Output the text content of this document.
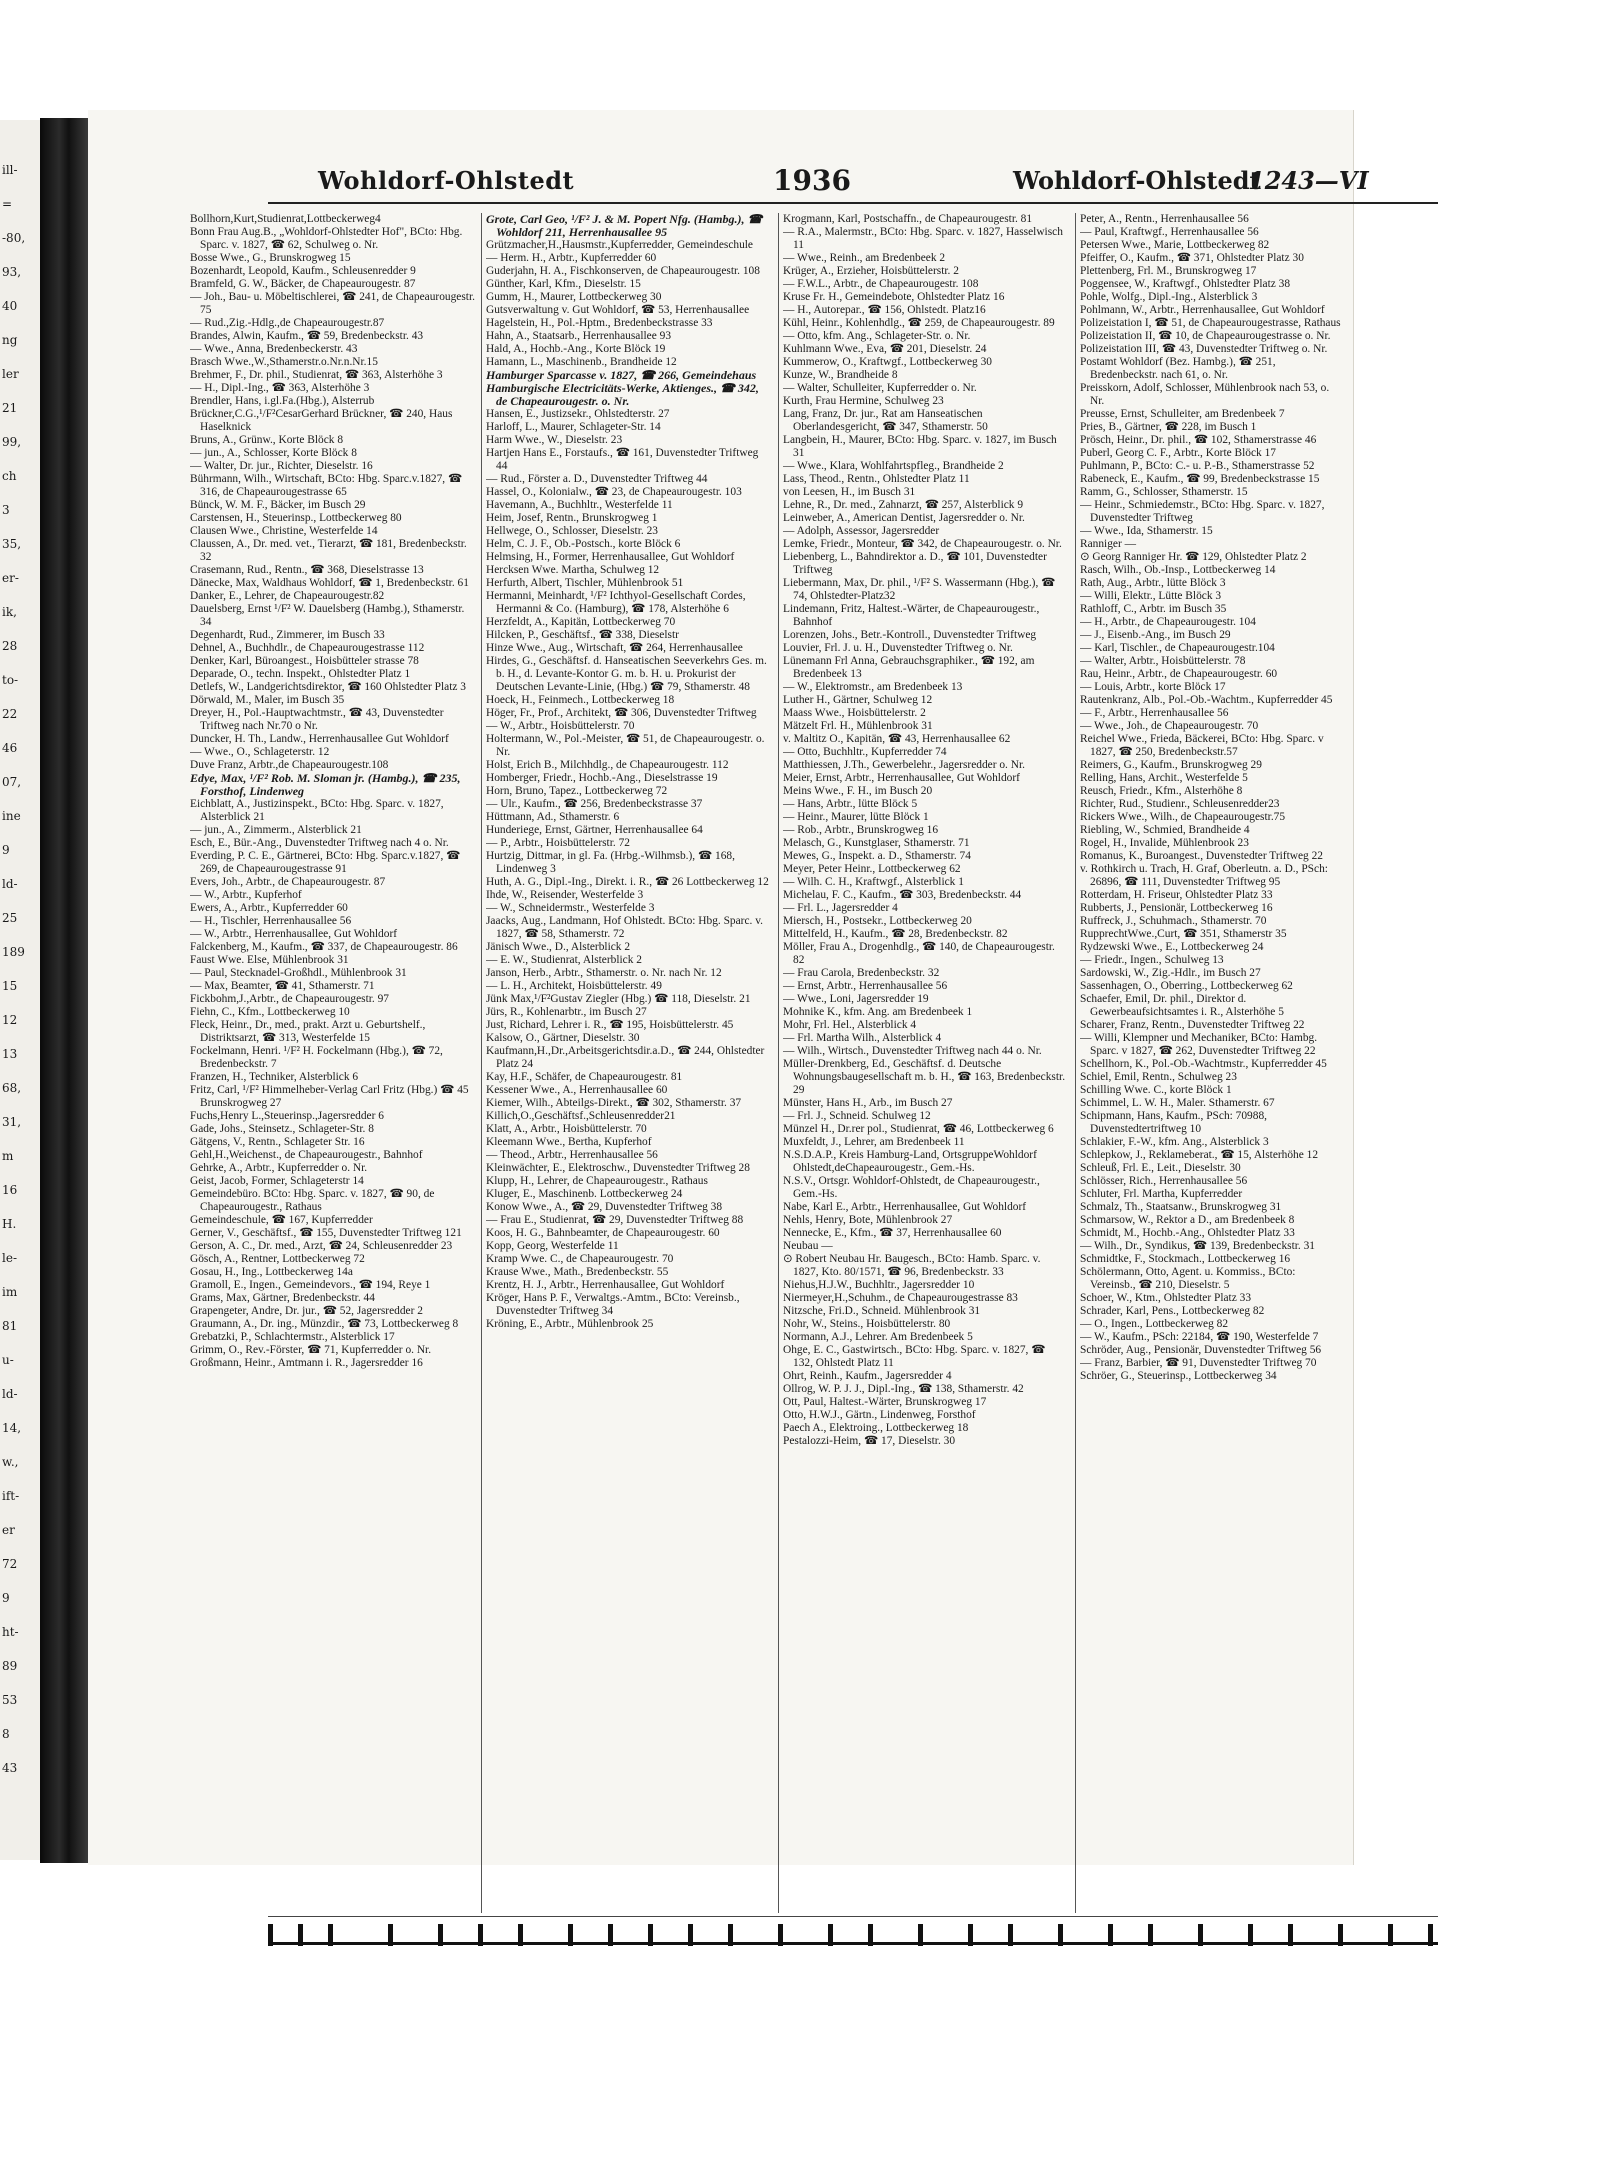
ill-
=
-80,
93,
40
ng
ler
21
99,
ch
3
35,
er-
ik,
28
to-
22
46
07,
ine
9
ld-
25
189
15
12
13
68,
31,
m
16
H.
le-
im
81
u-
ld-
14,
w.,
ift-
er
72
9
ht-
89
53
8
43
Wohldorf-Ohlstedt	1936	Wohldorf-Ohlstedt
1243—VI

Bollhorn,Kurt,Studienrat,Lottbeckerweg4

Bonn Frau Aug.B., „Wohldorf-Ohlstedter Hof", BCto: Hbg. Sparc. v. 1827, ☎ 62, Schulweg o. Nr.

Bosse Wwe., G., Brunskrogweg 15

Bozenhardt, Leopold, Kaufm., Schleusenredder 9

Bramfeld, G. W., Bäcker, de Chapeaurougestr. 87

— Joh., Bau- u. Möbeltischlerei, ☎ 241, de Chapeaurougestr. 75

— Rud.,Zig.-Hdlg.,de Chapeaurougestr.87

Brandes, Alwin, Kaufm., ☎ 59, Bredenbeckstr. 43

— Wwe., Anna, Bredenbeckerstr. 43

Brasch Wwe.,W.,Sthamerstr.o.Nr.n.Nr.15

Brehmer, F., Dr. phil., Studienrat, ☎ 363, Alsterhöhe 3

— H., Dipl.-Ing., ☎ 363, Alsterhöhe 3

Brendler, Hans, i.gl.Fa.(Hbg.), Alsterrub

Brückner,C.G.,¹/F²CesarGerhard Brückner, ☎ 240, Haus Haselknick

Bruns, A., Grünw., Korte Blöck 8

— jun., A., Schlosser, Korte Blöck 8

— Walter, Dr. jur., Richter, Dieselstr. 16

Bührmann, Wilh., Wirtschaft, BCto: Hbg. Sparc.v.1827, ☎ 316, de Chapeaurougestrasse 65

Bünck, W. M. F., Bäcker, im Busch 29

Carstensen, H., Steuerinsp., Lottbeckerweg 80

Clausen Wwe., Christine, Westerfelde 14

Claussen, A., Dr. med. vet., Tierarzt, ☎ 181, Bredenbeckstr. 32

Crasemann, Rud., Rentn., ☎ 368, Dieselstrasse 13

Dänecke, Max, Waldhaus Wohldorf, ☎ 1, Bredenbeckstr. 61

Danker, E., Lehrer, de Chapeaurougestr.82

Dauelsberg, Ernst ¹/F² W. Dauelsberg (Hambg.), Sthamerstr. 34

Degenhardt, Rud., Zimmerer, im Busch 33

Dehnel, A., Buchhdlr., de Chapeaurougestrasse 112

Denker, Karl, Büroangest., Hoisbütteler strasse 78

Deparade, O., techn. Inspekt., Ohlstedter Platz 1

Detlefs, W., Landgerichtsdirektor, ☎ 160 Ohlstedter Platz 3

Dörwald, M., Maler, im Busch 35

Dreyer, H., Pol.-Hauptwachtmstr., ☎ 43, Duvenstedter Triftweg nach Nr.70 o Nr.

Duncker, H. Th., Landw., Herrenhausallee Gut Wohldorf

— Wwe., O., Schlageterstr. 12

Duve Franz, Arbtr.,de Chapeaurougestr.108

Edye, Max, ¹/F² Rob. M. Sloman jr. (Hambg.), ☎ 235, Forsthof, Lindenweg

Eichblatt, A., Justizinspekt., BCto: Hbg. Sparc. v. 1827, Alsterblick 21

— jun., A., Zimmerm., Alsterblick 21

Esch, E., Bür.-Ang., Duvenstedter Triftweg nach 4 o. Nr.

Everding, P. C. E., Gärtnerei, BCto: Hbg. Sparc.v.1827, ☎ 269, de Chapeaurougestrasse 91

Evers, Joh., Arbtr., de Chapeaurougestr. 87

— W., Arbtr., Kupferhof

Ewers, A., Arbtr., Kupferredder 60

— H., Tischler, Herrenhausallee 56

— W., Arbtr., Herrenhausallee, Gut Wohldorf

Falckenberg, M., Kaufm., ☎ 337, de Chapeaurougestr. 86

Faust Wwe. Else, Mühlenbrook 31

— Paul, Stecknadel-Großhdl., Mühlenbrook 31

— Max, Beamter, ☎ 41, Sthamerstr. 71

Fickbohm,J.,Arbtr., de Chapeaurougestr. 97

Fiehn, C., Kfm., Lottbeckerweg 10

Fleck, Heinr., Dr., med., prakt. Arzt u. Geburtshelf., Distriktsarzt, ☎ 313, Westerfelde 15

Fockelmann, Henri. ¹/F² H. Fockelmann (Hbg.), ☎ 72, Bredenbeckstr. 7

Franzen, H., Techniker, Alsterblick 6

Fritz, Carl, ¹/F² Himmelheber-Verlag Carl Fritz (Hbg.) ☎ 45 Brunskrogweg 27

Fuchs,Henry L.,Steuerinsp.,Jagersredder 6

Gade, Johs., Steinsetz., Schlageter-Str. 8

Gätgens, V., Rentn., Schlageter Str. 16

Gehl,H.,Weichenst., de Chapeaurougestr., Bahnhof

Gehrke, A., Arbtr., Kupferredder o. Nr.

Geist, Jacob, Former, Schlageterstr 14

Gemeindebüro. BCto: Hbg. Sparc. v. 1827, ☎ 90, de Chapeaurougestr., Rathaus

Gemeindeschule, ☎ 167, Kupferredder

Gerner, V., Geschäftsf., ☎ 155, Duvenstedter Triftweg 121

Gerson, A. C., Dr. med., Arzt, ☎ 24, Schleusenredder 23

Gösch, A., Rentner, Lottbeckerweg 72

Gosau, H., Ing., Lottbeckerweg 14a

Gramoll, E., Ingen., Gemeindevors., ☎ 194, Reye 1

Grams, Max, Gärtner, Bredenbeckstr. 44

Grapengeter, Andre, Dr. jur., ☎ 52, Jagersredder 2

Graumann, A., Dr. ing., Münzdir., ☎ 73, Lottbeckerweg 8

Grebatzki, P., Schlachtermstr., Alsterblick 17

Grimm, O., Rev.-Förster, ☎ 71, Kupferredder o. Nr.

Großmann, Heinr., Amtmann i. R., Jagersredder 16

Grote, Carl Geo, ¹/F² J. & M. Popert Nfg. (Hambg.), ☎ Wohldorf 211, Herrenhausallee 95

Grützmacher,H.,Hausmstr.,Kupferredder, Gemeindeschule

— Herm. H., Arbtr., Kupferredder 60

Guderjahn, H. A., Fischkonserven, de Chapeaurougestr. 108

Günther, Karl, Kfm., Dieselstr. 15

Gumm, H., Maurer, Lottbeckerweg 30

Gutsverwaltung v. Gut Wohldorf, ☎ 53, Herrenhausallee

Hagelstein, H., Pol.-Hptm., Bredenbeckstrasse 33

Hahn, A., Staatsarb., Herrenhausallee 93

Hald, A., Hochb.-Ang., Korte Blöck 19

Hamann, L., Maschinenb., Brandheide 12

Hamburger Sparcasse v. 1827, ☎ 266, Gemeindehaus

Hamburgische Electricitäts-Werke, Aktienges., ☎ 342, de Chapeaurougestr. o. Nr.

Hansen, E., Justizsekr., Ohlstedterstr. 27

Harloff, L., Maurer, Schlageter-Str. 14

Harm Wwe., W., Dieselstr. 23

Hartjen Hans E., Forstaufs., ☎ 161, Duvenstedter Triftweg 44

— Rud., Förster a. D., Duvenstedter Triftweg 44

Hassel, O., Kolonialw., ☎ 23, de Chapeaurougestr. 103

Havemann, A., Buchhltr., Westerfelde 11

Heim, Josef, Rentn., Brunskrogweg 1

Hellwege, O., Schlosser, Dieselstr. 23

Helm, C. J. F., Ob.-Postsch., korte Blöck 6

Helmsing, H., Former, Herrenhausallee, Gut Wohldorf

Hercksen Wwe. Martha, Schulweg 12

Herfurth, Albert, Tischler, Mühlenbrook 51

Hermanni, Meinhardt, ¹/F² Ichthyol-Gesellschaft Cordes, Hermanni & Co. (Hamburg), ☎ 178, Alsterhöhe 6

Herzfeldt, A., Kapitän, Lottbeckerweg 70

Hilcken, P., Geschäftsf., ☎ 338, Dieselstr

Hinze Wwe., Aug., Wirtschaft, ☎ 264, Herrenhausallee

Hirdes, G., Geschäftsf. d. Hanseatischen Seeverkehrs Ges. m. b. H., d. Levante-Kontor G. m. b. H. u. Prokurist der Deutschen Levante-Linie, (Hbg.) ☎ 79, Sthamerstr. 48

Hoeck, H., Feinmech., Lottbeckerweg 18

Höger, Fr., Prof., Architekt, ☎ 306, Duvenstedter Triftweg

— W., Arbtr., Hoisbüttelerstr. 70

Holtermann, W., Pol.-Meister, ☎ 51, de Chapeaurougestr. o. Nr.

Holst, Erich B., Milchhdlg., de Chapeaurougestr. 112

Homberger, Friedr., Hochb.-Ang., Dieselstrasse 19

Horn, Bruno, Tapez., Lottbeckerweg 72

— Ulr., Kaufm., ☎ 256, Bredenbeckstrasse 37

Hüttmann, Ad., Sthamerstr. 6

Hunderiege, Ernst, Gärtner, Herrenhausallee 64

— P., Arbtr., Hoisbüttelerstr. 72

Hurtzig, Dittmar, in gl. Fa. (Hrbg.-Wilhmsb.), ☎ 168, Lindenweg 3

Huth, A. G., Dipl.-Ing., Direkt. i. R., ☎ 26 Lottbeckerweg 12

Ihde, W., Reisender, Westerfelde 3

— W., Schneidermstr., Westerfelde 3

Jaacks, Aug., Landmann, Hof Ohlstedt. BCto: Hbg. Sparc. v. 1827, ☎ 58, Sthamerstr. 72

Jänisch Wwe., D., Alsterblick 2

— E. W., Studienrat, Alsterblick 2

Janson, Herb., Arbtr., Sthamerstr. o. Nr. nach Nr. 12

— L. H., Architekt, Hoisbüttelerstr. 49

Jünk Max,¹/F²Gustav Ziegler (Hbg.) ☎ 118, Dieselstr. 21

Jürs, R., Kohlenarbtr., im Busch 27

Just, Richard, Lehrer i. R., ☎ 195, Hoisbüttelerstr. 45

Kalsow, O., Gärtner, Dieselstr. 30

Kaufmann,H.,Dr.,Arbeitsgerichtsdir.a.D., ☎ 244, Ohlstedter Platz 24

Kay, H.F., Schäfer, de Chapeaurougestr. 81

Kessener Wwe., A., Herrenhausallee 60

Kiemer, Wilh., Abteilgs-Direkt., ☎ 302, Sthamerstr. 37

Killich,O.,Geschäftsf.,Schleusenredder21

Klatt, A., Arbtr., Hoisbüttelerstr. 70

Kleemann Wwe., Bertha, Kupferhof

— Theod., Arbtr., Herrenhausallee 56

Kleinwächter, E., Elektroschw., Duvenstedter Triftweg 28

Klupp, H., Lehrer, de Chapeaurougestr., Rathaus

Kluger, E., Maschinenb. Lottbeckerweg 24

Konow Wwe., A., ☎ 29, Duvenstedter Triftweg 38

— Frau E., Studienrat, ☎ 29, Duvenstedter Triftweg 88

Koos, H. G., Bahnbeamter, de Chapeaurougestr. 60

Kopp, Georg, Westerfelde 11

Kramp Wwe. C., de Chapeaurougestr. 70

Krause Wwe., Math., Bredenbeckstr. 55

Krentz, H. J., Arbtr., Herrenhausallee, Gut Wohldorf

Kröger, Hans P. F., Verwaltgs.-Amtm., BCto: Vereinsb., Duvenstedter Triftweg 34

Kröning, E., Arbtr., Mühlenbrook 25

Krogmann, Karl, Postschaffn., de Chapeaurougestr. 81

— R.A., Malermstr., BCto: Hbg. Sparc. v. 1827, Hasselwisch 11

— Wwe., Reinh., am Bredenbeek 2

Krüger, A., Erzieher, Hoisbüttelerstr. 2

— F.W.L., Arbtr., de Chapeaurougestr. 108

Kruse Fr. H., Gemeindebote, Ohlstedter Platz 16

— H., Autorepar., ☎ 156, Ohlstedt. Platz16

Kühl, Heinr., Kohlenhdlg., ☎ 259, de Chapeaurougestr. 89

— Otto, kfm. Ang., Schlageter-Str. o. Nr.

Kuhlmann Wwe., Eva, ☎ 201, Dieselstr. 24

Kummerow, O., Kraftwgf., Lottbeckerweg 30

Kunze, W., Brandheide 8

— Walter, Schulleiter, Kupferredder o. Nr.

Kurth, Frau Hermine, Schulweg 23

Lang, Franz, Dr. jur., Rat am Hanseatischen Oberlandesgericht, ☎ 347, Sthamerstr. 50

Langbein, H., Maurer, BCto: Hbg. Sparc. v. 1827, im Busch 31

— Wwe., Klara, Wohlfahrtspfleg., Brandheide 2

Lass, Theod., Rentn., Ohlstedter Platz 11

von Leesen, H., im Busch 31

Lehne, R., Dr. med., Zahnarzt, ☎ 257, Alsterblick 9

Leinweber, A., American Dentist, Jagersredder o. Nr.

— Adolph, Assessor, Jagersredder

Lemke, Friedr., Monteur, ☎ 342, de Chapeaurougestr. o. Nr.

Liebenberg, L., Bahndirektor a. D., ☎ 101, Duvenstedter Triftweg

Liebermann, Max, Dr. phil., ¹/F² S. Wassermann (Hbg.), ☎ 74, Ohlstedter-Platz32

Lindemann, Fritz, Haltest.-Wärter, de Chapeaurougestr., Bahnhof

Lorenzen, Johs., Betr.-Kontroll., Duvenstedter Triftweg

Louvier, Frl. J. u. H., Duvenstedter Triftweg o. Nr.

Lünemann Frl Anna, Gebrauchsgraphiker., ☎ 192, am Bredenbeek 13

— W., Elektromstr., am Bredenbeek 13

Luther H., Gärtner, Schulweg 12

Maass Wwe., Hoisbüttelerstr. 2

Mätzelt Frl. H., Mühlenbrook 31

v. Maltitz O., Kapitän, ☎ 43, Herrenhausallee 62

— Otto, Buchhltr., Kupferredder 74

Matthiessen, J.Th., Gewerbelehr., Jagersredder o. Nr.

Meier, Ernst, Arbtr., Herrenhausallee, Gut Wohldorf

Meins Wwe., F. H., im Busch 20

— Hans, Arbtr., lütte Blöck 5

— Heinr., Maurer, lütte Blöck 1

— Rob., Arbtr., Brunskrogweg 16

Melasch, G., Kunstglaser, Sthamerstr. 71

Mewes, G., Inspekt. a. D., Sthamerstr. 74

Meyer, Peter Heinr., Lottbeckerweg 62

— Wilh. C. H., Kraftwgf., Alsterblick 1

Michelau, F. C., Kaufm., ☎ 303, Bredenbeckstr. 44

— Frl. L., Jagersredder 4

Miersch, H., Postsekr., Lottbeckerweg 20

Mittelfeld, H., Kaufm., ☎ 28, Bredenbeckstr. 82

Möller, Frau A., Drogenhdlg., ☎ 140, de Chapeaurougestr. 82

— Frau Carola, Bredenbeckstr. 32

— Ernst, Arbtr., Herrenhausallee 56

— Wwe., Loni, Jagersredder 19

Mohnike K., kfm. Ang. am Bredenbeek 1

Mohr, Frl. Hel., Alsterblick 4

— Frl. Martha Wilh., Alsterblick 4

— Wilh., Wirtsch., Duvenstedter Triftweg nach 44 o. Nr.

Müller-Drenkberg, Ed., Geschäftsf. d. Deutsche Wohnungsbaugesellschaft m. b. H., ☎ 163, Bredenbeckstr. 29

Münster, Hans H., Arb., im Busch 27

— Frl. J., Schneid. Schulweg 12

Münzel H., Dr.rer pol., Studienrat, ☎ 46, Lottbeckerweg 6

Muxfeldt, J., Lehrer, am Bredenbeek 11

N.S.D.A.P., Kreis Hamburg-Land, OrtsgruppeWohldorf Ohlstedt,deChapeaurougestr., Gem.-Hs.

N.S.V., Ortsgr. Wohldorf-Ohlstedt, de Chapeaurougestr., Gem.-Hs.

Nabe, Karl E., Arbtr., Herrenhausallee, Gut Wohldorf

Nehls, Henry, Bote, Mühlenbrook 27

Nennecke, E., Kfm., ☎ 37, Herrenhausallee 60

Neubau —

⊙ Robert Neubau Hr. Baugesch., BCto: Hamb. Sparc. v. 1827, Kto. 80/1571, ☎ 96, Bredenbeckstr. 33

Niehus,H.J.W., Buchhltr., Jagersredder 10

Niermeyer,H.,Schuhm., de Chapeaurougestrasse 83

Nitzsche, Fri.D., Schneid. Mühlenbrook 31

Nohr, W., Steins., Hoisbüttelerstr. 80

Normann, A.J., Lehrer. Am Bredenbeek 5

Ohge, E. C., Gastwirtsch., BCto: Hbg. Sparc. v. 1827, ☎ 132, Ohlstedt Platz 11

Ohrt, Reinh., Kaufm., Jagersredder 4

Ollrog, W. P. J. J., Dipl.-Ing., ☎ 138, Sthamerstr. 42

Ott, Paul, Haltest.-Wärter, Brunskrogweg 17

Otto, H.W.J., Gärtn., Lindenweg, Forsthof

Paech A., Elektroing., Lottbeckerweg 18

Pestalozzi-Heim, ☎ 17, Dieselstr. 30

Peter, A., Rentn., Herrenhausallee 56

— Paul, Kraftwgf., Herrenhausallee 56

Petersen Wwe., Marie, Lottbeckerweg 82

Pfeiffer, O., Kaufm., ☎ 371, Ohlstedter Platz 30

Plettenberg, Frl. M., Brunskrogweg 17

Poggensee, W., Kraftwgf., Ohlstedter Platz 38

Pohle, Wolfg., Dipl.-Ing., Alsterblick 3

Pohlmann, W., Arbtr., Herrenhausallee, Gut Wohldorf

Polizeistation I, ☎ 51, de Chapeaurougestrasse, Rathaus

Polizeistation II, ☎ 10, de Chapeaurougestrasse o. Nr.

Polizeistation III, ☎ 43, Duvenstedter Triftweg o. Nr.

Postamt Wohldorf (Bez. Hambg.), ☎ 251, Bredenbeckstr. nach 61, o. Nr.

Preisskorn, Adolf, Schlosser, Mühlenbrook nach 53, o. Nr.

Preusse, Ernst, Schulleiter, am Bredenbeek 7

Pries, B., Gärtner, ☎ 228, im Busch 1

Prösch, Heinr., Dr. phil., ☎ 102, Sthamerstrasse 46

Puberl, Georg C. F., Arbtr., Korte Blöck 17

Puhlmann, P., BCto: C.- u. P.-B., Sthamerstrasse 52

Rabeneck, E., Kaufm., ☎ 99, Bredenbeckstrasse 15

Ramm, G., Schlosser, Sthamerstr. 15

— Heinr., Schmiedemstr., BCto: Hbg. Sparc. v. 1827, Duvenstedter Triftweg

— Wwe., Ida, Sthamerstr. 15

Ranniger —

⊙ Georg Ranniger Hr. ☎ 129, Ohlstedter Platz 2

Rasch, Wilh., Ob.-Insp., Lottbeckerweg 14

Rath, Aug., Arbtr., lütte Blöck 3

— Willi, Elektr., Lütte Blöck 3

Rathloff, C., Arbtr. im Busch 35

— H., Arbtr., de Chapeaurougestr. 104

— J., Eisenb.-Ang., im Busch 29

— Karl, Tischler., de Chapeaurougestr.104

— Walter, Arbtr., Hoisbüttelerstr. 78

Rau, Heinr., Arbtr., de Chapeaurougestr. 60

— Louis, Arbtr., korte Blöck 17

Rautenkranz, Alb., Pol.-Ob.-Wachtm., Kupferredder 45

— F., Arbtr., Herrenhausallee 56

— Wwe., Joh., de Chapeaurougestr. 70

Reichel Wwe., Frieda, Bäckerei, BCto: Hbg. Sparc. v 1827, ☎ 250, Bredenbeckstr.57

Reimers, G., Kaufm., Brunskrogweg 29

Relling, Hans, Archit., Westerfelde 5

Reusch, Friedr., Kfm., Alsterhöhe 8

Richter, Rud., Studienr., Schleusenredder23

Rickers Wwe., Wilh., de Chapeaurougestr.75

Riebling, W., Schmied, Brandheide 4

Rogel, H., Invalide, Mühlenbrook 23

Romanus, K., Buroangest., Duvenstedter Triftweg 22

v. Rothkirch u. Trach, H. Graf, Oberleutn. a. D., PSch: 26896, ☎ 111, Duvenstedter Triftweg 95

Rotterdam, H. Friseur, Ohlstedter Platz 33

Rubberts, J., Pensionär, Lottbeckerweg 16

Ruffreck, J., Schuhmach., Sthamerstr. 70

RupprechtWwe.,Curt, ☎ 351, Sthamerstr 35

Rydzewski Wwe., E., Lottbeckerweg 24

— Friedr., Ingen., Schulweg 13

Sardowski, W., Zig.-Hdlr., im Busch 27

Sassenhagen, O., Oberring., Lottbeckerweg 62

Schaefer, Emil, Dr. phil., Direktor d. Gewerbeaufsichtsamtes i. R., Alsterhöhe 5

Scharer, Franz, Rentn., Duvenstedter Triftweg 22

— Willi, Klempner und Mechaniker, BCto: Hambg. Sparc. v 1827, ☎ 262, Duvenstedter Triftweg 22

Schellhorn, K., Pol.-Ob.-Wachtmstr., Kupferredder 45

Schiel, Emil, Rentn., Schulweg 23

Schilling Wwe. C., korte Blöck 1

Schimmel, L. W. H., Maler. Sthamerstr. 67

Schipmann, Hans, Kaufm., PSch: 70988, Duvenstedtertriftweg 10

Schlakier, F.-W., kfm. Ang., Alsterblick 3

Schlepkow, J., Reklameberat., ☎ 15, Alsterhöhe 12

Schleuß, Frl. E., Leit., Dieselstr. 30

Schlösser, Rich., Herrenhausallee 56

Schluter, Frl. Martha, Kupferredder

Schmalz, Th., Staatsanw., Brunskrogweg 31

Schmarsow, W., Rektor a D., am Bredenbeek 8

Schmidt, M., Hochb.-Ang., Ohlstedter Platz 33

— Wilh., Dr., Syndikus, ☎ 139, Bredenbeckstr. 31

Schmidtke, F., Stockmach., Lottbeckerweg 16

Schölermann, Otto, Agent. u. Kommiss., BCto: Vereinsb., ☎ 210, Dieselstr. 5

Schoer, W., Ktm., Ohlstedter Platz 33

Schrader, Karl, Pens., Lottbeckerweg 82

— O., Ingen., Lottbeckerweg 82

— W., Kaufm., PSch: 22184, ☎ 190, Westerfelde 7

Schröder, Aug., Pensionär, Duvenstedter Triftweg 56

— Franz, Barbier, ☎ 91, Duvenstedter Triftweg 70

Schröer, G., Steuerinsp., Lottbeckerweg 34
